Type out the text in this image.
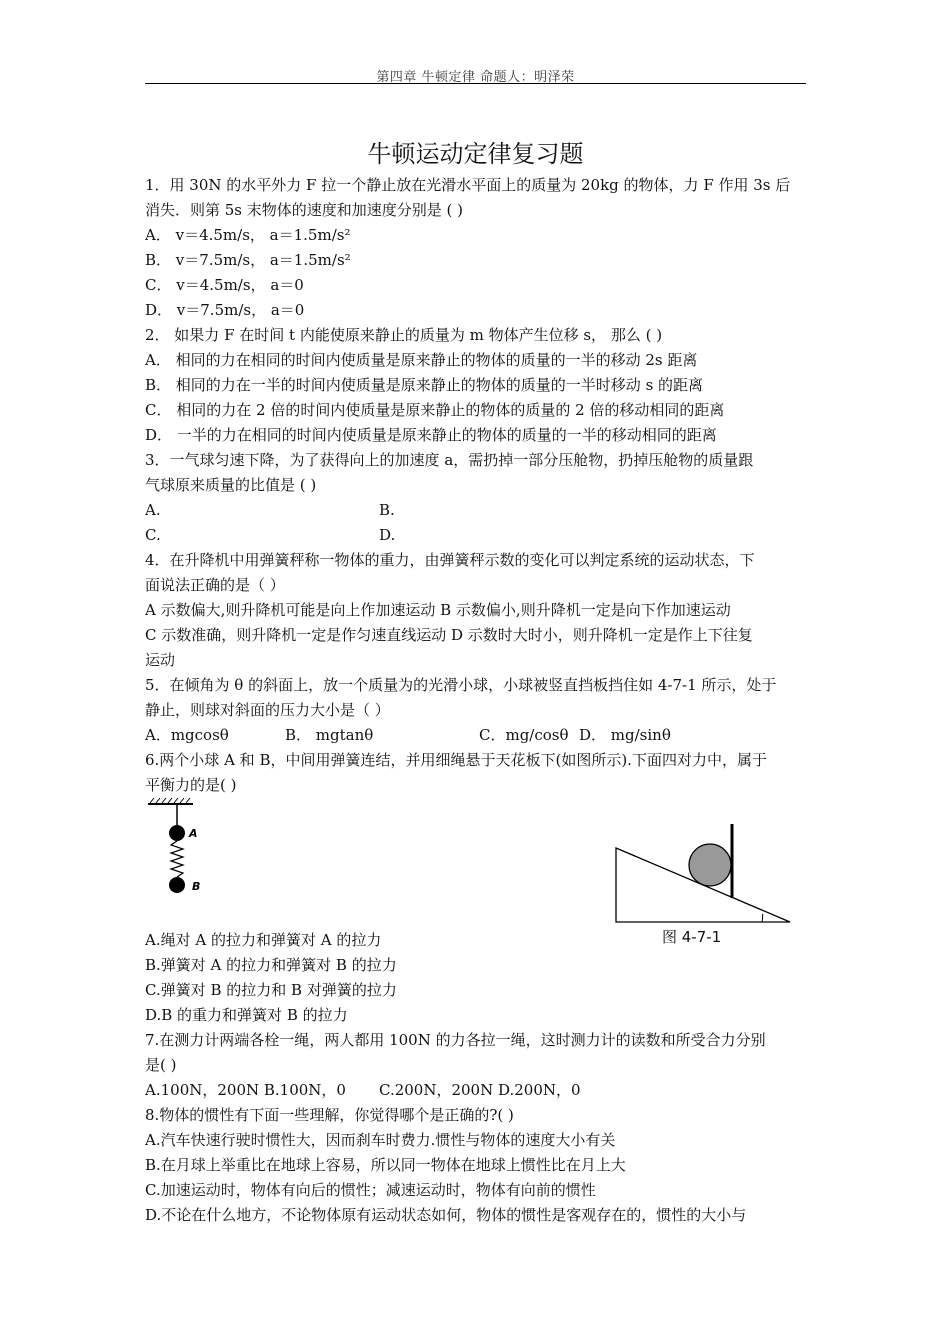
第四章 牛顿定律 命题人：明泽荣
牛顿运动定律复习题
1．用 30N 的水平外力 F 拉一个静止放在光滑水平面上的质量为 20kg 的物体，力 F 作用 3s 后
消失．则第 5s 末物体的速度和加速度分别是 ( )
A． v＝4.5m/s， a＝1.5m/s²
B． v＝7.5m/s， a＝1.5m/s²
C． v＝4.5m/s， a＝0
D． v＝7.5m/s， a＝0
2． 如果力 F 在时间 t 内能使原来静止的质量为 m 物体产生位移 s， 那么 ( )
A． 相同的力在相同的时间内使质量是原来静止的物体的质量的一半的移动 2s 距离
B． 相同的力在一半的时间内使质量是原来静止的物体的质量的一半时移动 s 的距离
C． 相同的力在 2 倍的时间内使质量是原来静止的物体的质量的 2 倍的移动相同的距离
D． 一半的力在相同的时间内使质量是原来静止的物体的质量的一半的移动相同的距离
3．一气球匀速下降，为了获得向上的加速度 a，需扔掉一部分压舱物，扔掉压舱物的质量跟
气球原来质量的比值是 ( )
A.	B.
C.	D.
4．在升降机中用弹簧秤称一物体的重力，由弹簧秤示数的变化可以判定系统的运动状态，下
面说法正确的是（ ）
A 示数偏大,则升降机可能是向上作加速运动 B 示数偏小,则升降机一定是向下作加速运动
C 示数准确，则升降机一定是作匀速直线运动 D 示数时大时小，则升降机一定是作上下往复
运动
5．在倾角为 θ 的斜面上，放一个质量为的光滑小球，小球被竖直挡板挡住如 4-7-1 所示，处于
静止，则球对斜面的压力大小是（ ）
A．mgcosθ	B． mgtanθ	C．mg/cosθ D． mg/sinθ
6.两个小球 A 和 B，中间用弹簧连结，并用细绳悬于天花板下(如图所示).下面四对力中，属于
平衡力的是( )
A.绳对 A 的拉力和弹簧对 A 的拉力
B.弹簧对 A 的拉力和弹簧对 B 的拉力
C.弹簧对 B 的拉力和 B 对弹簧的拉力
D.B 的重力和弹簧对 B 的拉力
7.在测力计两端各栓一绳，两人都用 100N 的力各拉一绳，这时测力计的读数和所受合力分别
是( )
A.100N，200N B.100N，0	C.200N，200N D.200N，0
8.物体的惯性有下面一些理解，你觉得哪个是正确的?( )
A.汽车快速行驶时惯性大，因而刹车时费力.惯性与物体的速度大小有关
B.在月球上举重比在地球上容易，所以同一物体在地球上惯性比在月上大
C.加速运动时，物体有向后的惯性；减速运动时，物体有向前的惯性
D.不论在什么地方，不论物体原有运动状态如何，物体的惯性是客观存在的，惯性的大小与
A
B
图 4-7-1
